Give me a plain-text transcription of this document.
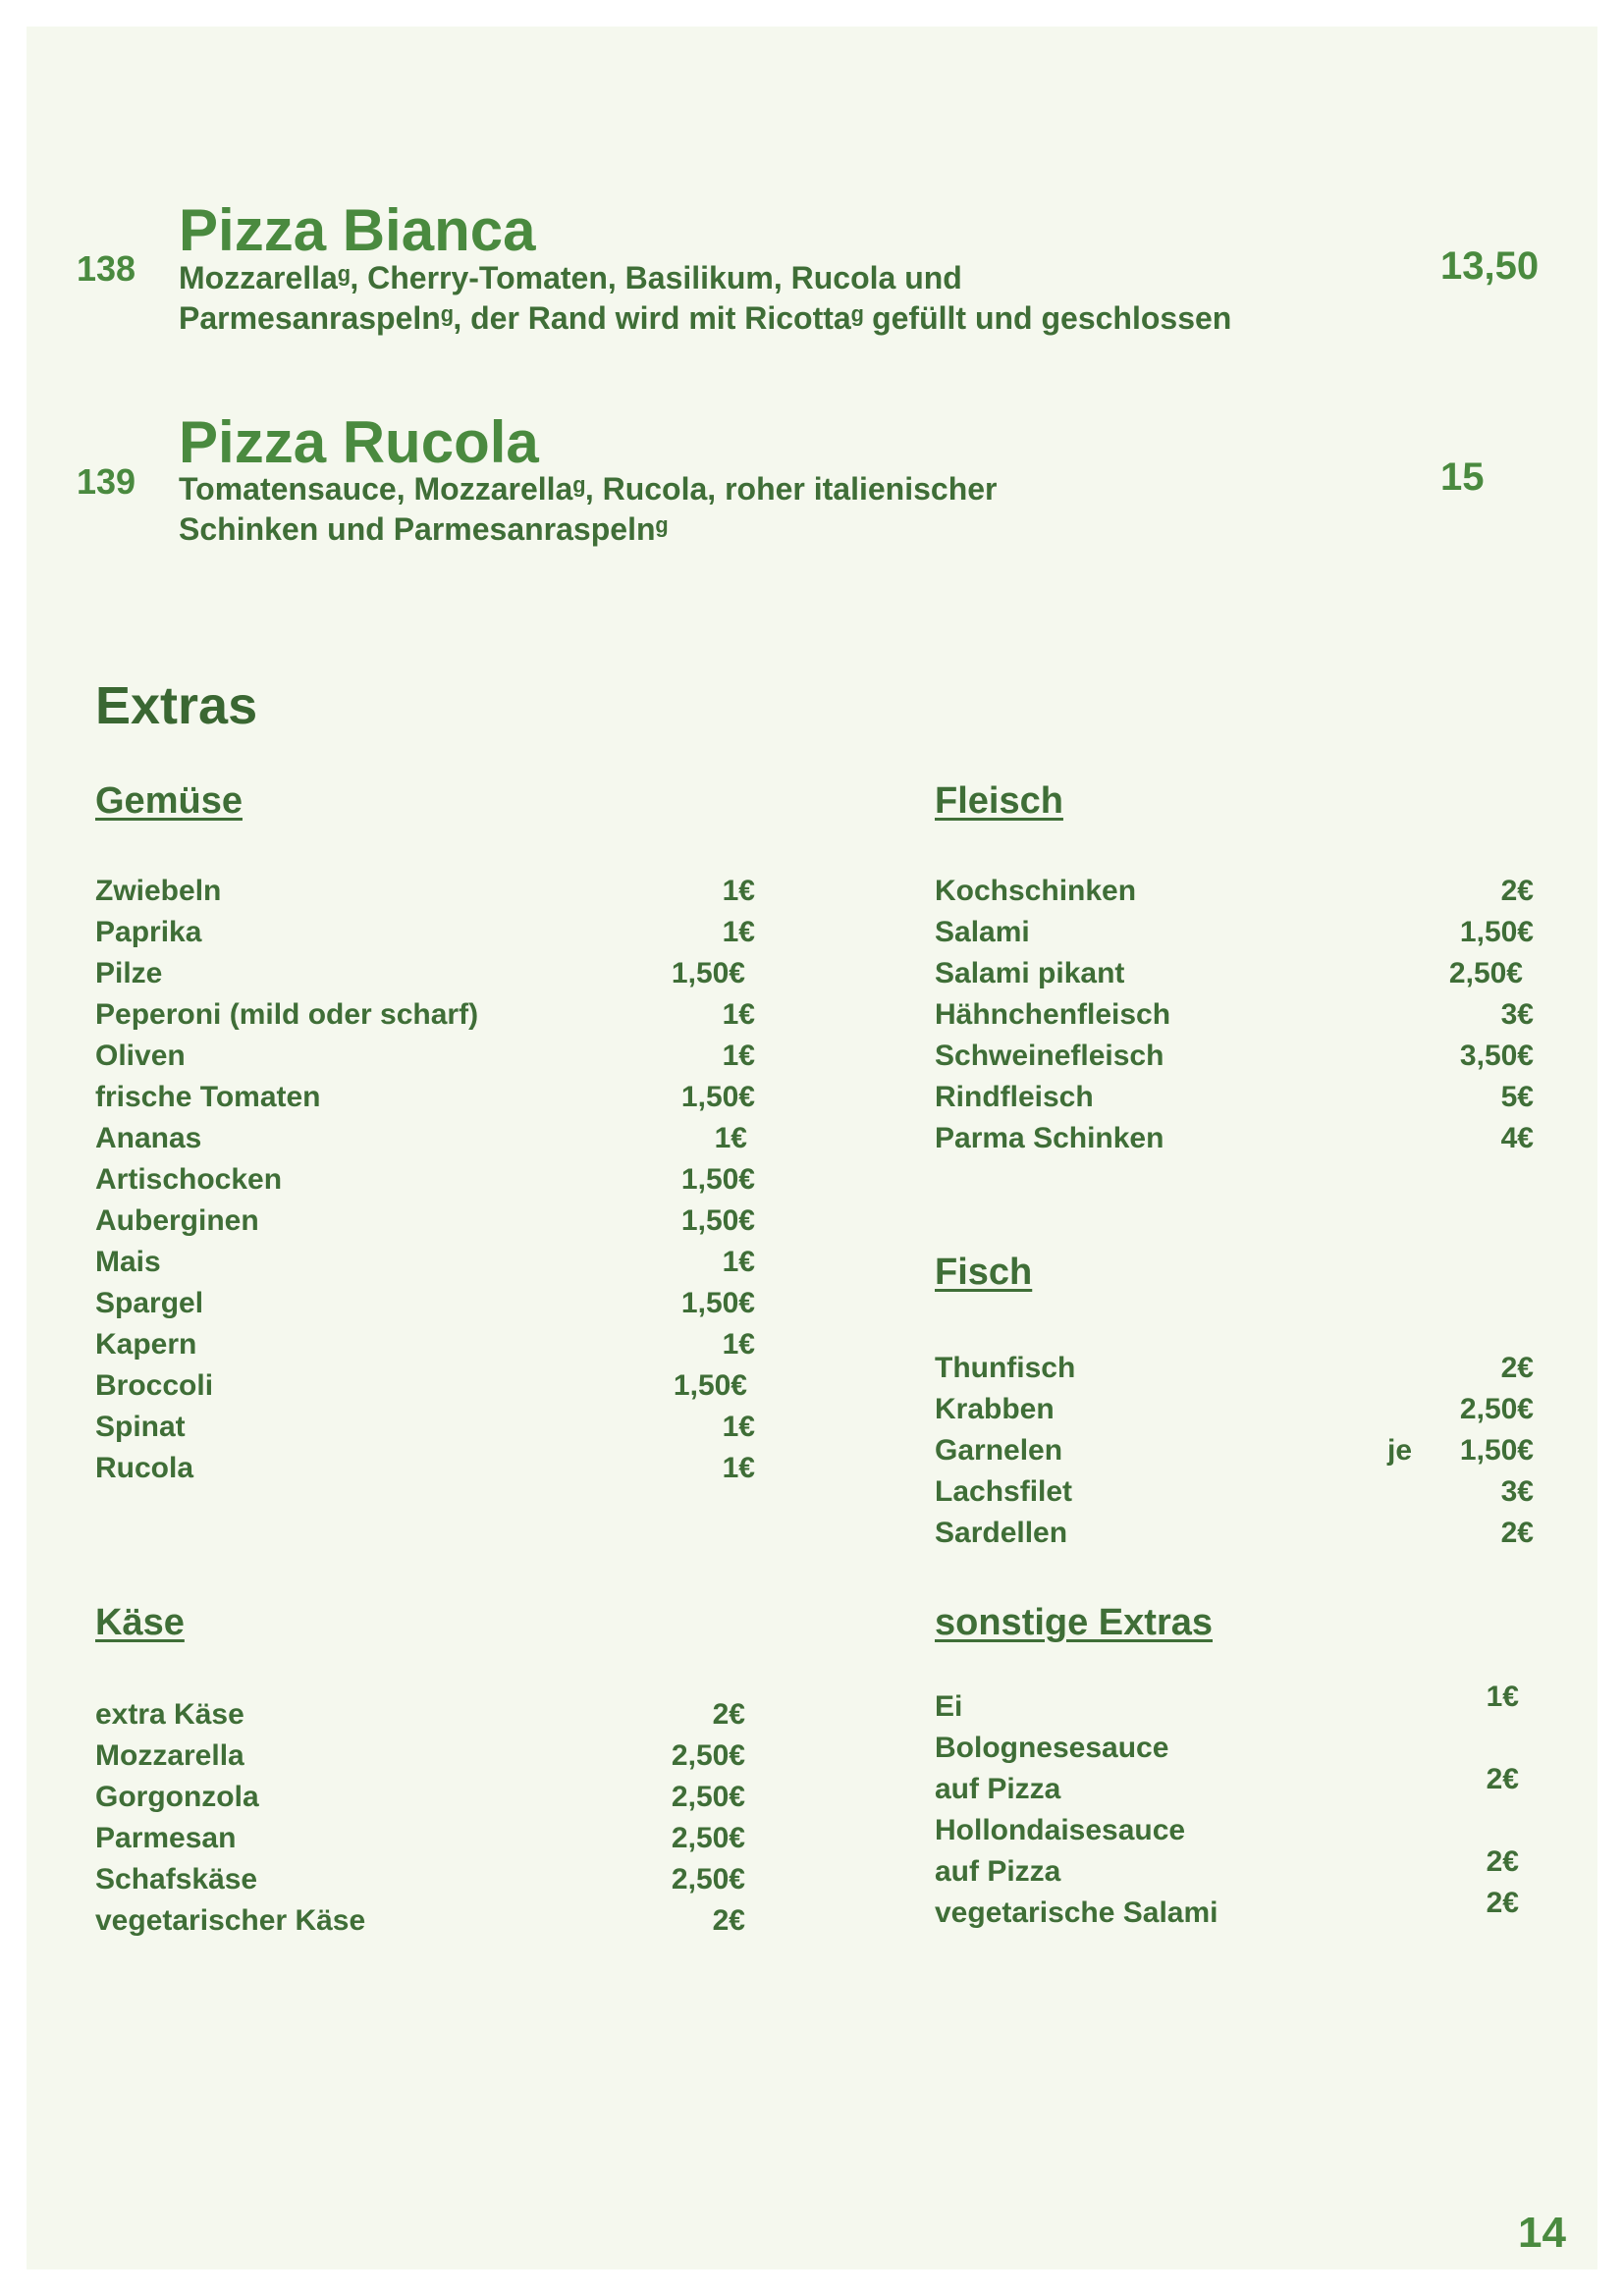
138
Pizza Bianca
Mozzarellaᵍ, Cherry-Tomaten, Basilikum, Rucola und
Parmesanraspelnᵍ, der Rand wird mit Ricottaᵍ gefüllt und geschlossen
13,50
139
Pizza Rucola
Tomatensauce, Mozzarellaᵍ, Rucola, roher italienischer
Schinken und Parmesanraspelnᵍ
15
Extras
Gemüse
Käse
Fleisch
Fisch
sonstige Extras
Zwiebeln	1€
Paprika	1€
Pilze	1,50€
Peperoni (mild oder scharf)	1€
Oliven	1€
frische Tomaten	1,50€
Ananas	1€
Artischocken	1,50€
Auberginen	1,50€
Mais	1€
Spargel	1,50€
Kapern	1€
Broccoli	1,50€
Spinat	1€
Rucola	1€
extra Käse	2€
Mozzarella	2,50€
Gorgonzola	2,50€
Parmesan	2,50€
Schafskäse	2,50€
vegetarischer Käse	2€
Kochschinken	2€
Salami	1,50€
Salami pikant	2,50€
Hähnchenfleisch	3€
Schweinefleisch	3,50€
Rindfleisch	5€
Parma Schinken	4€
Thunfisch	2€
Krabben	2,50€
Garnelen	je 1,50€
Lachsfilet	3€
Sardellen	2€
Ei	1€
Bolognesesauce
auf Pizza	2€
Hollondaisesauce
auf Pizza	2€
vegetarische Salami	2€
14
